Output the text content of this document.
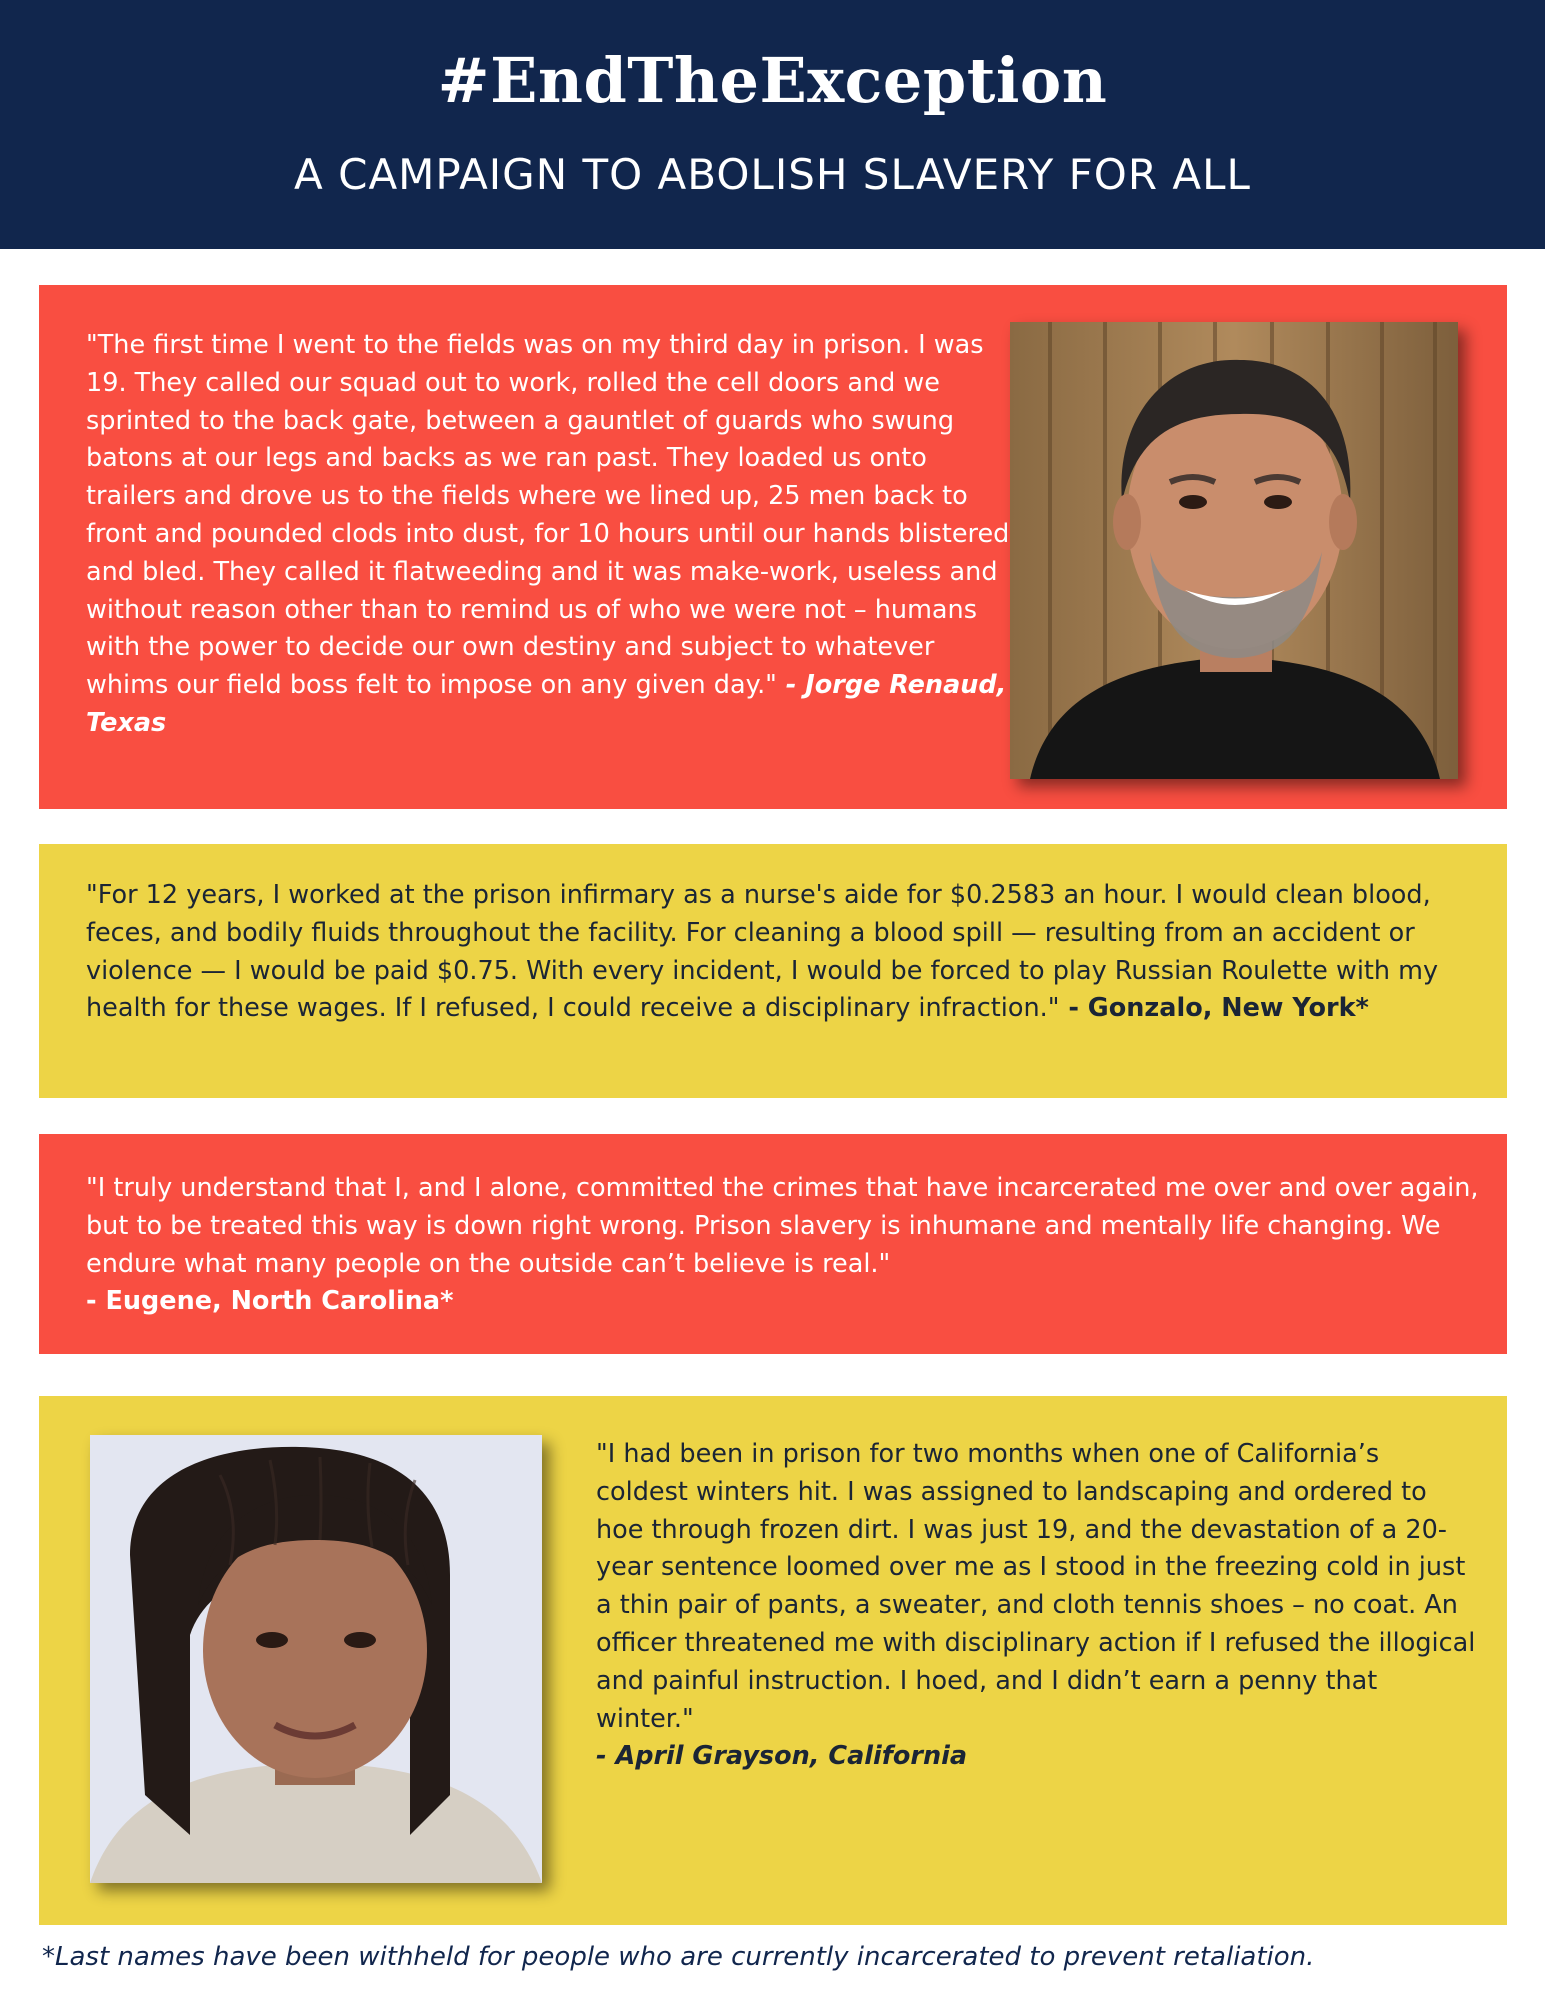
#EndTheException
A CAMPAIGN TO ABOLISH SLAVERY FOR ALL

"The first time I went to the fields was on my third day in prison. I was 19. They called our squad out to work, rolled the cell doors and we sprinted to the back gate, between a gauntlet of guards who swung batons at our legs and backs as we ran past. They loaded us onto trailers and drove us to the fields where we lined up, 25 men back to front and pounded clods into dust, for 10 hours until our hands blistered and bled. They called it flatweeding and it was make-work, useless and without reason other than to remind us of who we were not – humans with the power to decide our own destiny and subject to whatever whims our field boss felt to impose on any given day." - Jorge Renaud, Texas

"For 12 years, I worked at the prison infirmary as a nurse's aide for $0.2583 an hour. I would clean blood, feces, and bodily fluids throughout the facility. For cleaning a blood spill — resulting from an accident or violence — I would be paid $0.75. With every incident, I would be forced to play Russian Roulette with my health for these wages. If I refused, I could receive a disciplinary infraction." - Gonzalo, New York*

"I truly understand that I, and I alone, committed the crimes that have incarcerated me over and over again, but to be treated this way is down right wrong. Prison slavery is inhumane and mentally life changing. We endure what many people on the outside can’t believe is real."
- Eugene, North Carolina*

"I had been in prison for two months when one of California’s coldest winters hit. I was assigned to landscaping and ordered to hoe through frozen dirt. I was just 19, and the devastation of a 20-year sentence loomed over me as I stood in the freezing cold in just a thin pair of pants, a sweater, and cloth tennis shoes – no coat. An officer threatened me with disciplinary action if I refused the illogical and painful instruction. I hoed, and I didn’t earn a penny that winter."
- April Grayson, California

*Last names have been withheld for people who are currently incarcerated to prevent retaliation.
